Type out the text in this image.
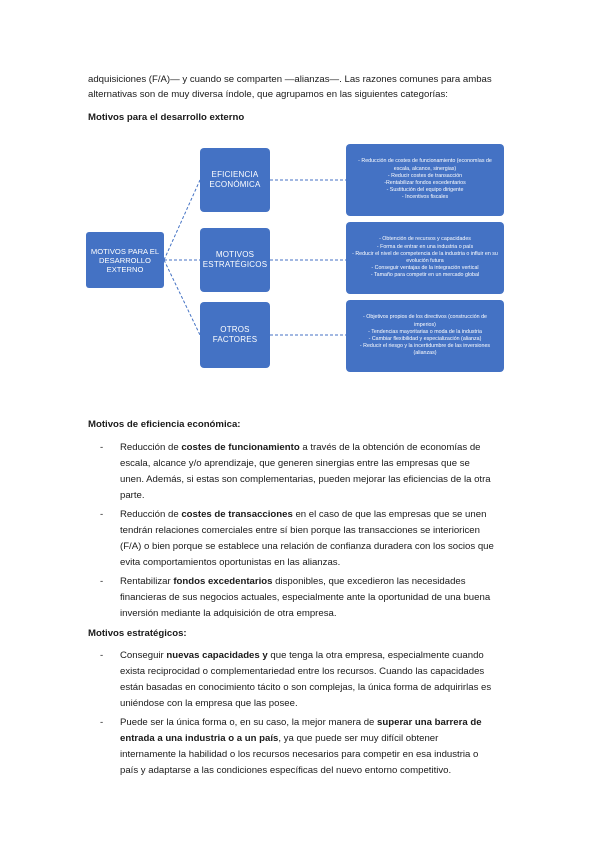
adquisiciones (F/A)— y cuando se comparten —alianzas—. Las razones comunes para ambas
alternativas son de muy diversa índole, que agrupamos en las siguientes categorías:
Motivos para el desarrollo externo
MOTIVOS PARA EL DESARROLLO EXTERNO
EFICIENCIA ECONÓMICA
MOTIVOS ESTRATÉGICOS
OTROS FACTORES
- Reducción de costes de funcionamiento (economías de escala, alcance, sinergias)
- Reducir costes de transacción
-Rentabilizar fondos excedentarios
- Sustitución del equipo dirigente
- Incentivos fiscales
- Obtención de recursos y capacidades
- Forma de entrar en una industria o país
- Reducir el nivel de competencia de la industria o influir en su evolución futura
- Conseguir ventajas de la integración vertical
- Tamaño para competir en un mercado global
- Objetivos propios de los directivos (construcción de imperios)
- Tendencias mayoritarias o moda de la industria
- Cambiar flexibilidad y especialización (alianza)
- Reducir el riesgo y la incertidumbre de las inversiones (alianzas)
Motivos de eficiencia económica:
- Reducción de costes de funcionamiento a través de la obtención de economías de
escala, alcance y/o aprendizaje, que generen sinergias entre las empresas que se
unen. Además, si estas son complementarias, pueden mejorar las eficiencias de la otra
parte.
- Reducción de costes de transacciones en el caso de que las empresas que se unen
tendrán relaciones comerciales entre sí bien porque las transacciones se interioricen
(F/A) o bien porque se establece una relación de confianza duradera con los socios que
evita comportamientos oportunistas en las alianzas.
- Rentabilizar fondos excedentarios disponibles, que excedieron las necesidades
financieras de sus negocios actuales, especialmente ante la oportunidad de una buena
inversión mediante la adquisición de otra empresa.
Motivos estratégicos:
- Conseguir nuevas capacidades y que tenga la otra empresa, especialmente cuando
exista reciprocidad o complementariedad entre los recursos. Cuando las capacidades
están basadas en conocimiento tácito o son complejas, la única forma de adquirirlas es
uniéndose con la empresa que las posee.
- Puede ser la única forma o, en su caso, la mejor manera de superar una barrera de
entrada a una industria o a un país, ya que puede ser muy difícil obtener
internamente la habilidad o los recursos necesarios para competir en esa industria o
país y adaptarse a las condiciones específicas del nuevo entorno competitivo.
